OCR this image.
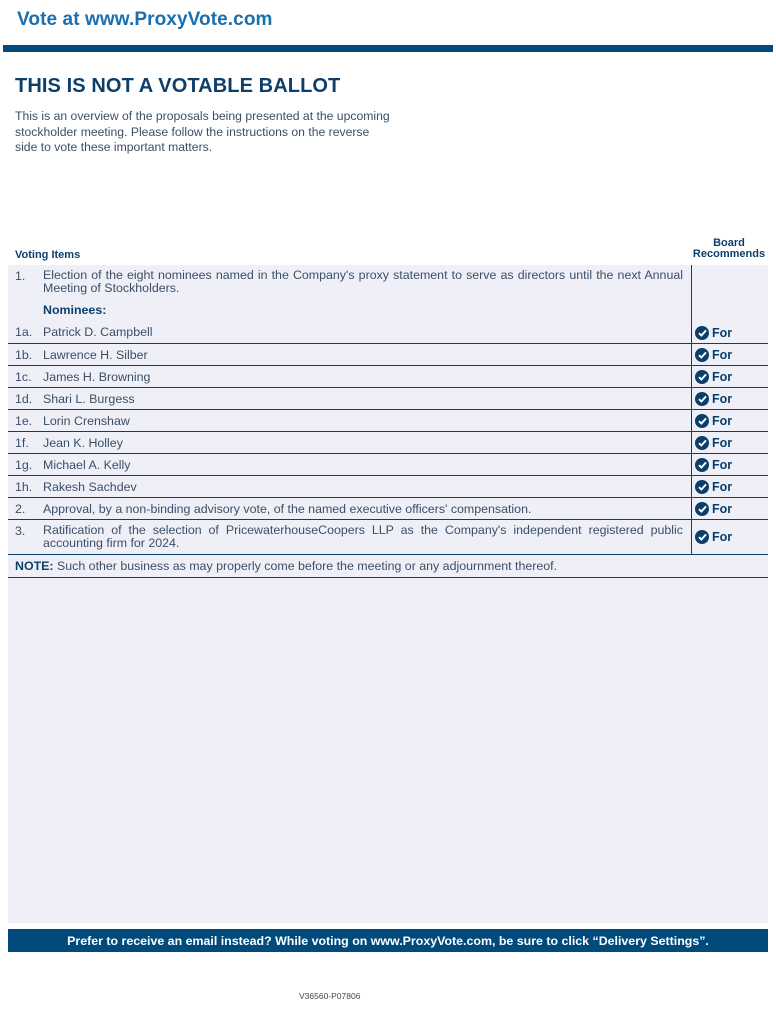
Vote at www.ProxyVote.com
THIS IS NOT A VOTABLE BALLOT

This is an overview of the proposals being presented at the upcoming stockholder meeting. Please follow the instructions on the reverse side to vote these important matters.

Voting Items
Board
Recommends
1.	Election of the eight nominees named in the Company's proxy statement to serve as directors until the next Annual Meeting of Stockholders.
Nominees:
1a. Patrick D. Campbell	For
1b. Lawrence H. Silber	For
1c. James H. Browning	For
1d. Shari L. Burgess	For
1e. Lorin Crenshaw	For
1f.	Jean K. Holley	For
1g. Michael A. Kelly	For
1h. Rakesh Sachdev	For
2.	Approval, by a non-binding advisory vote, of the named executive officers' compensation.	For
3.	Ratification of the selection of PricewaterhouseCoopers LLP as the Company's independent registered public accounting firm for 2024.	For
NOTE: Such other business as may properly come before the meeting or any adjournment thereof.
Prefer to receive an email instead? While voting on www.ProxyVote.com, be sure to click “Delivery Settings”.
V36560-P07806
